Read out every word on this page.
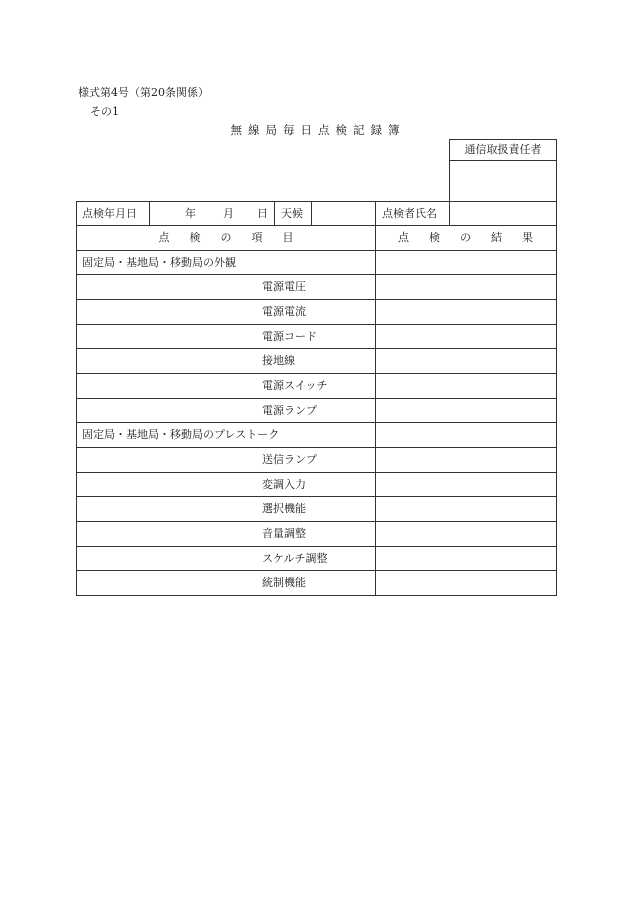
様式第4号（第20条関係）
その1
無 線 局 毎 日 点 検 記 録 簿
通信取扱責任者
点検年月日	年 月 日 天候	点検者氏名
点 検 の 項 目	点 検 の 結 果
固定局・基地局・移動局の外観
電源電圧
電源電流
電源コード
接地線
電源スイッチ
電源ランプ
固定局・基地局・移動局のプレストーク
送信ランプ
変調入力
選択機能
音量調整
スケルチ調整
統制機能
